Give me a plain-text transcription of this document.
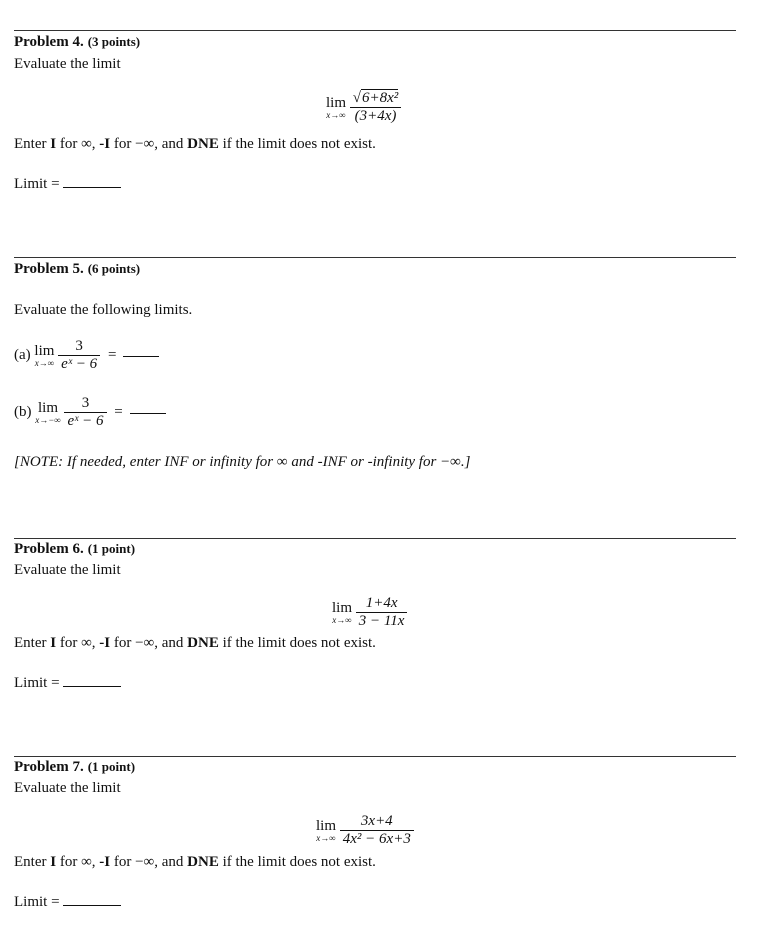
Problem 4. (3 points)
Evaluate the limit
lim
x→∞
$\frac{\text{√6+8x²}}{(3+4x)}$
Enter I for ∞, -I for −∞, and DNE if the limit does not exist.
Limit =
Problem 5. (6 points)
Evaluate the following limits.
(a) lim
x→∞
$\frac{3}{\text{eˣ − 6}}$ =
(b) lim
x→−∞
$\frac{3}{\text{eˣ − 6}}$ =
[NOTE: If needed, enter INF or infinity for ∞ and -INF or -infinity for −∞.]
Problem 6. (1 point)
Evaluate the limit
lim
x→∞
$\frac{1+4x}{3 - 11x}$
Enter I for ∞, -I for −∞, and DNE if the limit does not exist.
Limit =
Problem 7. (1 point)
Evaluate the limit
lim
x→∞
$\frac{3x+4}{\text{4x² − 6x+3}}$
Enter I for ∞, -I for −∞, and DNE if the limit does not exist.
Limit =
